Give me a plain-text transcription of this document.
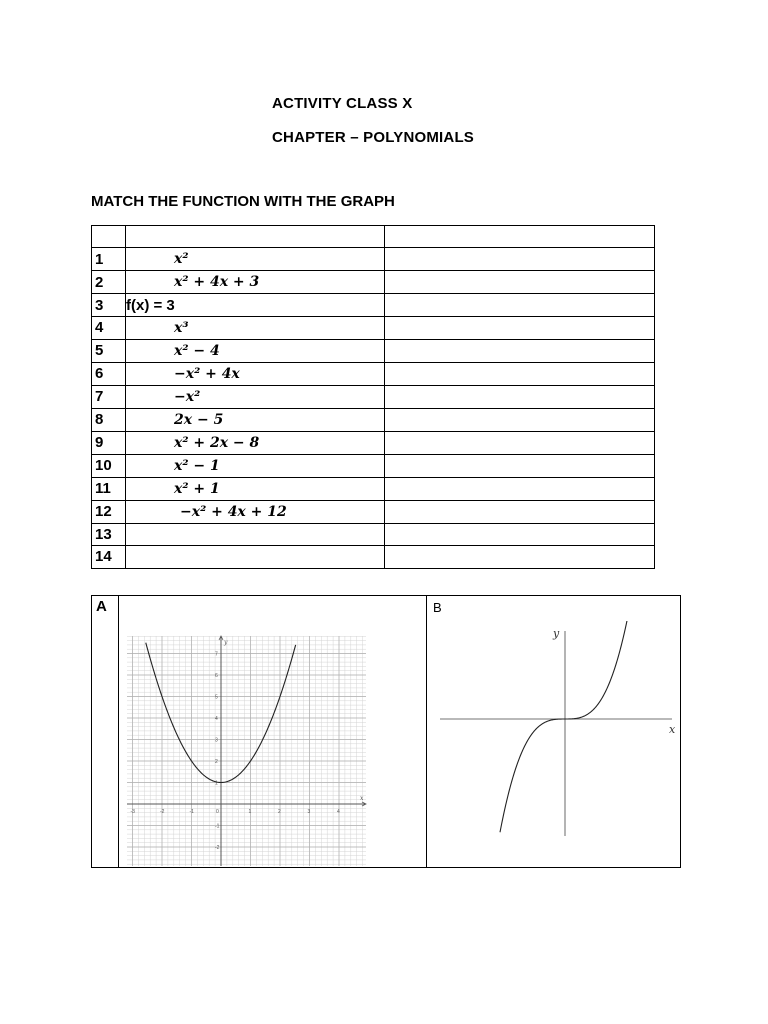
ACTIVITY CLASS X
CHAPTER – POLYNOMIALS
MATCH THE FUNCTION WITH THE GRAPH

1	x²	
2	x² + 4x + 3	
3	f(x) = 3	
4	x³	
5	x² − 4	
6	−x² + 4x	
7	−x²	
8	2x − 5	
9	x² + 2x − 8	
10	x² − 1	
11	x² + 1	
12	−x² + 4x + 12	
13		
14		
A

-3	-2	-1	0	1	2	3	4
7
6
5
4
3
2
1
-1
-2
x
y

B
x
y
